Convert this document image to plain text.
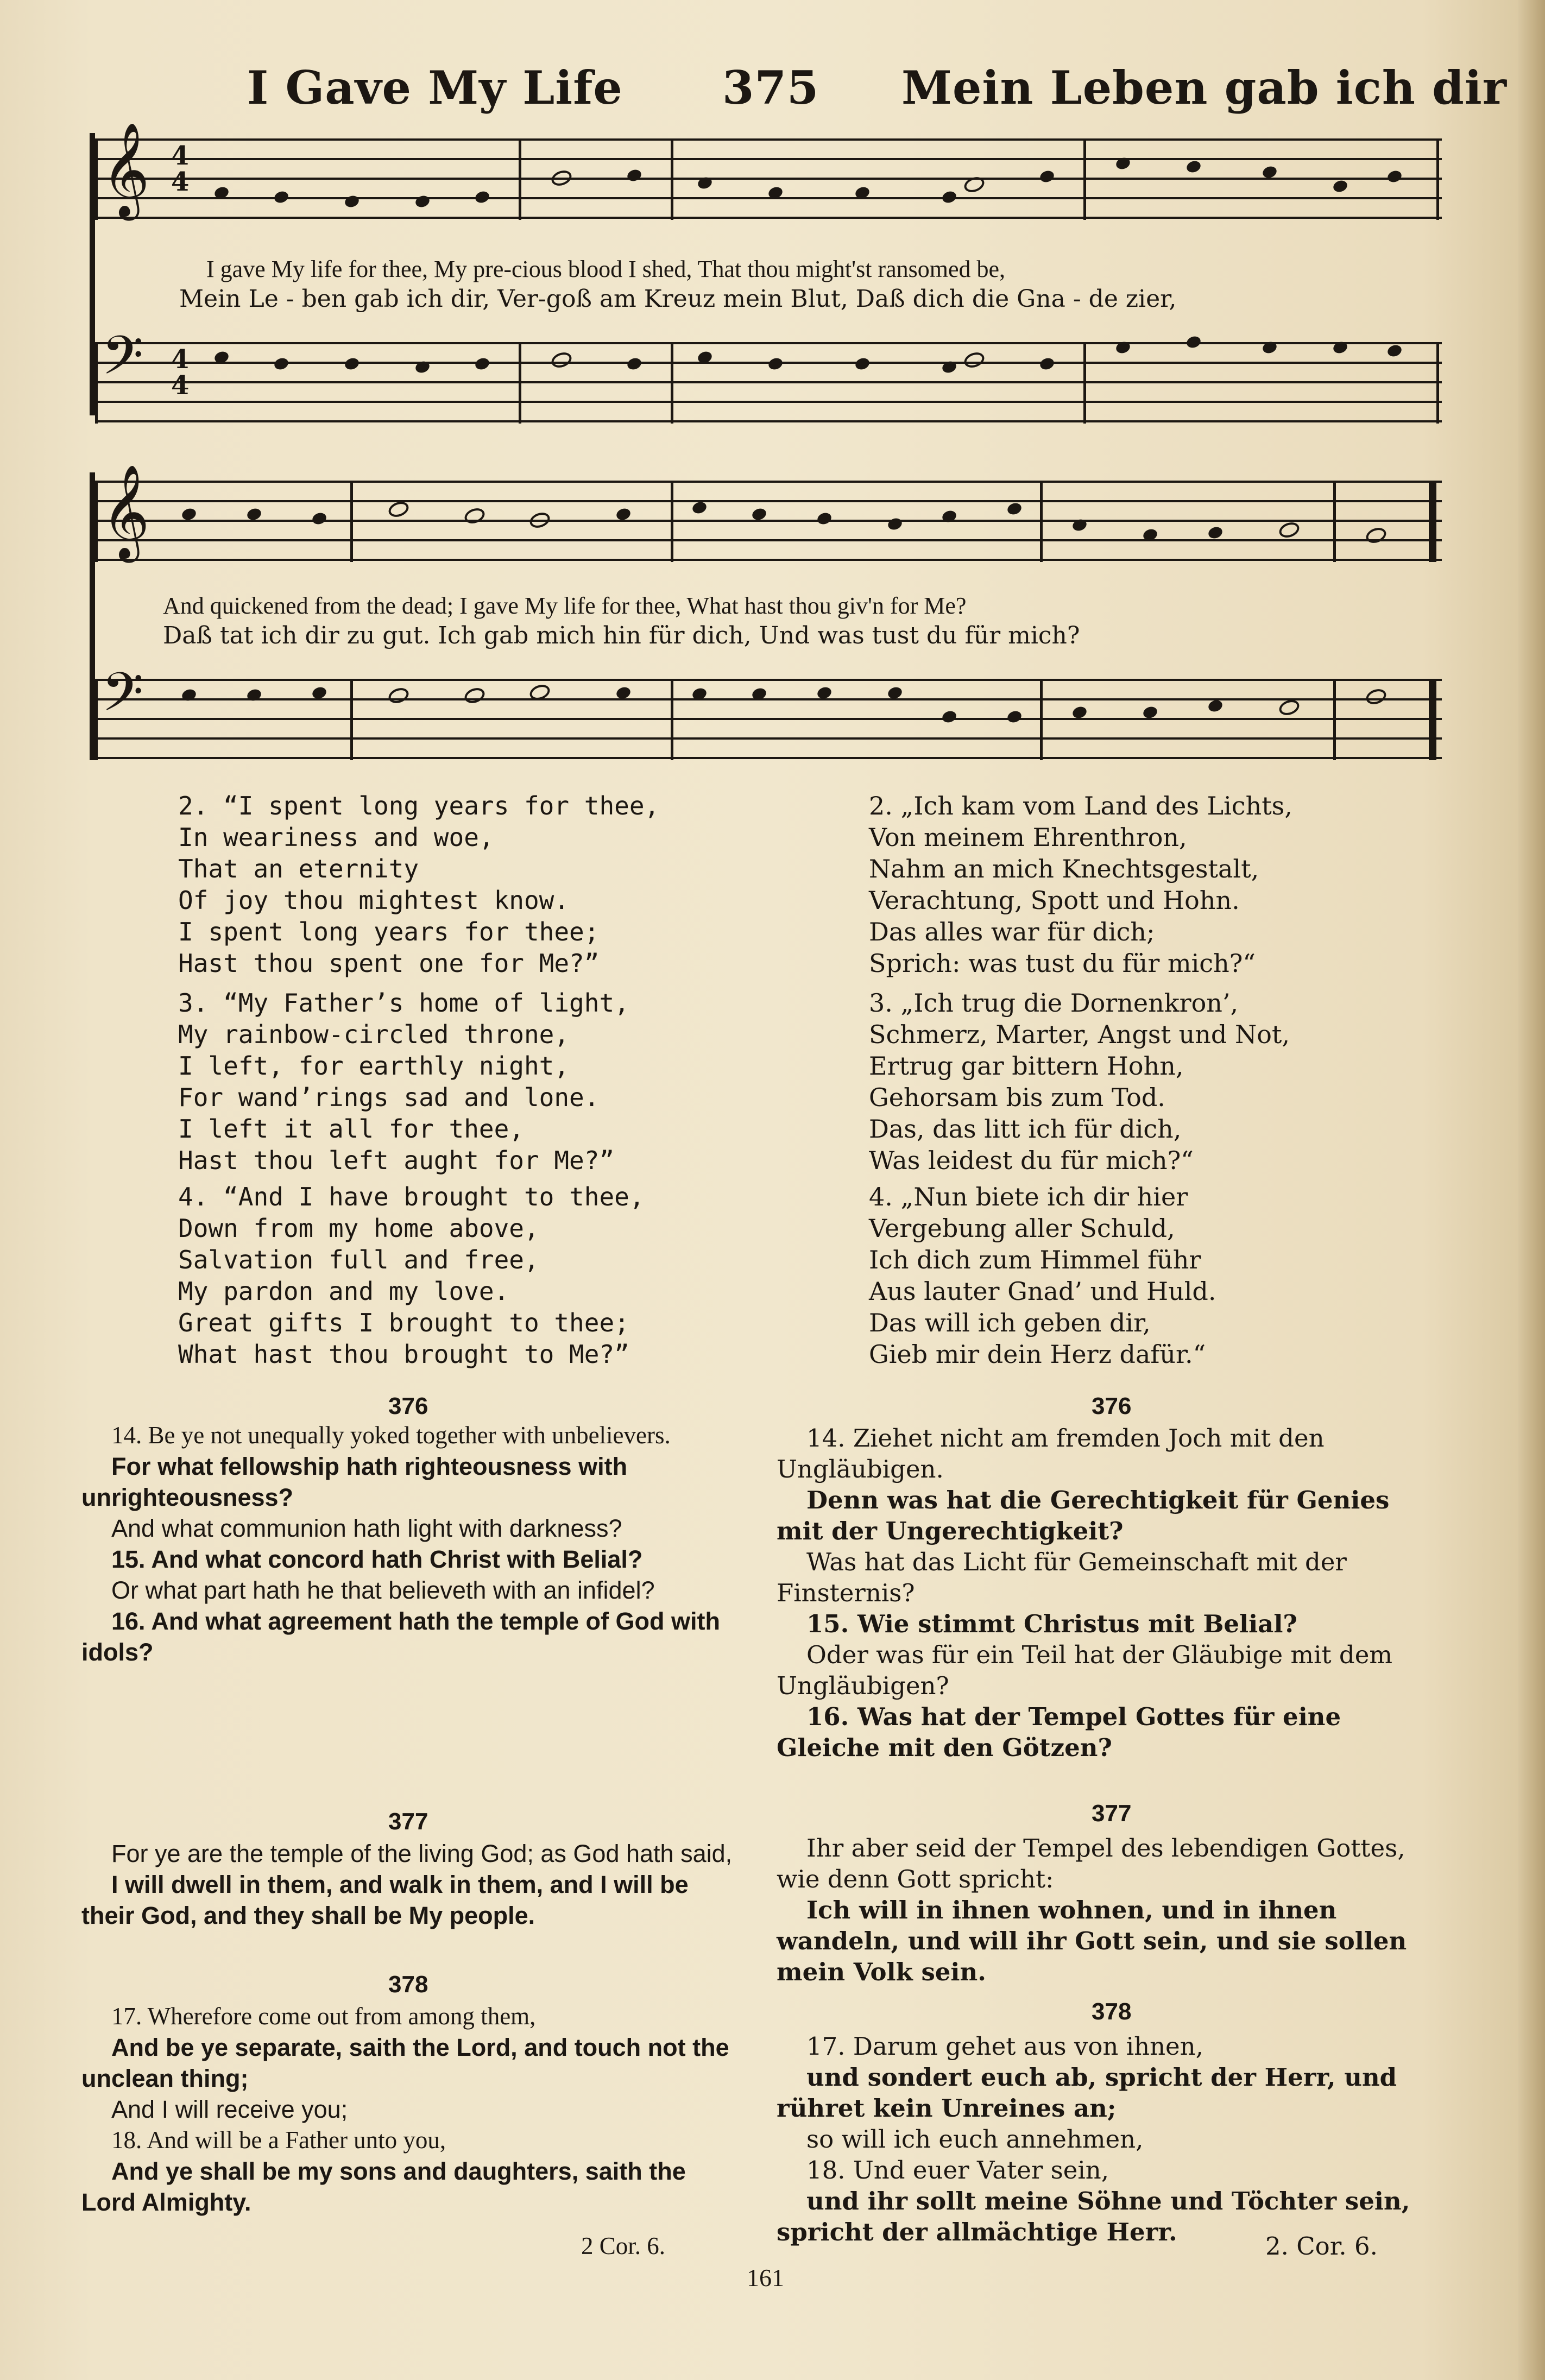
I Gave My Life 375 Mein Leben gab ich dir
𝄞 4
4
I gave My life for thee, My pre-cious blood I shed, That thou might'st ransomed be,
Mein Le - ben gab ich dir, Ver-goß am Kreuz mein Blut, Daß dich die Gna - de zier,
𝄢 4
4
𝄞
And quickened from the dead; I gave My life for thee, What hast thou giv'n for Me?
Daß tat ich dir zu gut. Ich gab mich hin für dich, Und was tust du für mich?
𝄢
2. “I spent long years for thee,
In weariness and woe,
That an eternity
Of joy thou mightest know.
I spent long years for thee;
Hast thou spent one for Me?”
3. “My Father’s home of light,
My rainbow-circled throne,
I left, for earthly night,
For wand’rings sad and lone.
I left it all for thee,
Hast thou left aught for Me?”
4. “And I have brought to thee,
Down from my home above,
Salvation full and free,
My pardon and my love.
Great gifts I brought to thee;
What hast thou brought to Me?”
2. „Ich kam vom Land des Lichts,
Von meinem Ehrenthron,
Nahm an mich Knechtsgestalt,
Verachtung, Spott und Hohn.
Das alles war für dich;
Sprich: was tust du für mich?“
3. „Ich trug die Dornenkron’,
Schmerz, Marter, Angst und Not,
Ertrug gar bittern Hohn,
Gehorsam bis zum Tod.
Das, das litt ich für dich,
Was leidest du für mich?“
4. „Nun biete ich dir hier
Vergebung aller Schuld,
Ich dich zum Himmel führ
Aus lauter Gnad’ und Huld.
Das will ich geben dir,
Gieb mir dein Herz dafür.“
376

14. Be ye not unequally yoked together with unbelievers.

For what fellowship hath righteousness with unrighteousness?

And what communion hath light with darkness?

15. And what concord hath Christ with Belial?

Or what part hath he that believeth with an infidel?

16. And what agreement hath the temple of God with idols?

377

For ye are the temple of the living God; as God hath said,

I will dwell in them, and walk in them, and I will be their God, and they shall be My people.

378

17. Wherefore come out from among them,

And be ye separate, saith the Lord, and touch not the unclean thing;

And I will receive you;

18. And will be a Father unto you,

And ye shall be my sons and daughters, saith the Lord Almighty.

2 Cor. 6.
376

14. Ziehet nicht am fremden Joch mit den Ungläubigen.

Denn was hat die Gerechtigkeit für Genies mit der Ungerechtigkeit?

Was hat das Licht für Gemeinschaft mit der Finsternis?

15. Wie stimmt Christus mit Belial?

Oder was für ein Teil hat der Gläubige mit dem Ungläubigen?

16. Was hat der Tempel Gottes für eine Gleiche mit den Götzen?

377

Ihr aber seid der Tempel des lebendigen Gottes, wie denn Gott spricht:

Ich will in ihnen wohnen, und in ihnen wandeln, und will ihr Gott sein, und sie sollen mein Volk sein.

378

17. Darum gehet aus von ihnen,

und sondert euch ab, spricht der Herr, und rühret kein Unreines an;

so will ich euch annehmen,

18. Und euer Vater sein,

und ihr sollt meine Söhne und Töchter sein, spricht der allmächtige Herr.	2. Cor. 6.
161
